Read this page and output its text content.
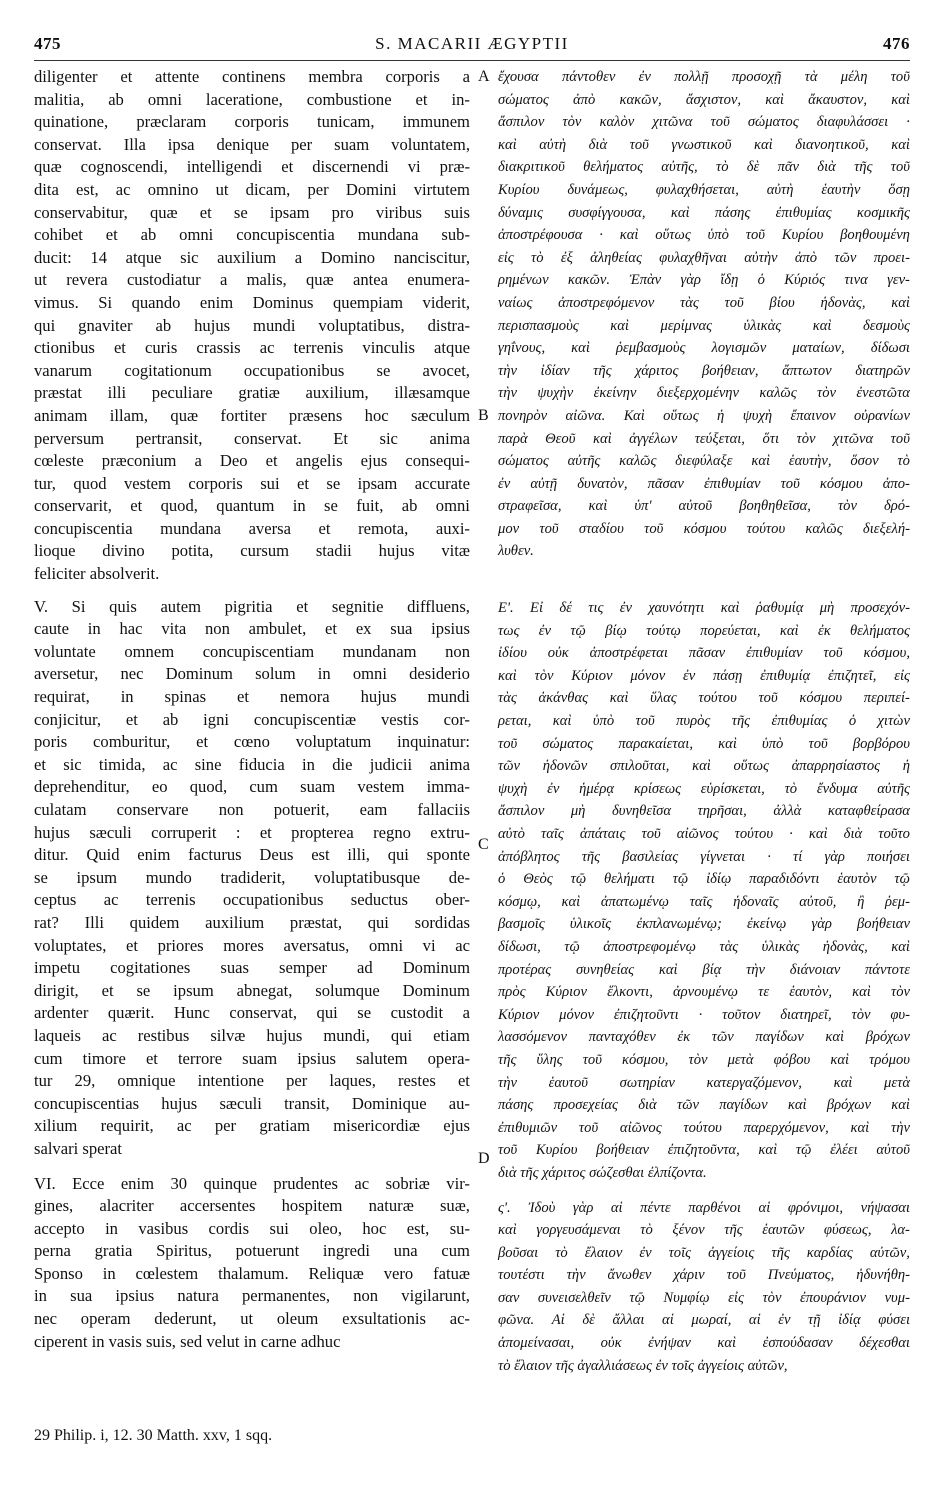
475	S. MACARII ÆGYPTII	476
diligenter et attente continens membra corporis a
malitia, ab omni laceratione, combustione et in-
quinatione, præclaram corporis tunicam, immunem
conservat. Illa ipsa denique per suam voluntatem,
quæ cognoscendi, intelligendi et discernendi vi præ-
dita est, ac omnino ut dicam, per Domini virtutem
conservabitur, quæ et se ipsam pro viribus suis
cohibet et ab omni concupiscentia mundana sub-
ducit: 14 atque sic auxilium a Domino nanciscitur,
ut revera custodiatur a malis, quæ antea enumera-
vimus. Si quando enim Dominus quempiam viderit,
qui gnaviter ab hujus mundi voluptatibus, distra-
ctionibus et curis crassis ac terrenis vinculis atque
vanarum cogitationum occupationibus se avocet,
præstat illi peculiare gratiæ auxilium, illæsamque
animam illam, quæ fortiter præsens hoc sæculum
perversum pertransit, conservat. Et sic anima
cœleste præconium a Deo et angelis ejus consequi-
tur, quod vestem corporis sui et se ipsam accurate
conservarit, et quod, quantum in se fuit, ab omni
concupiscentia mundana aversa et remota, auxi-
lioque divino potita, cursum stadii hujus vitæ
feliciter absolverit.
V. Si quis autem pigritia et segnitie diffluens,
caute in hac vita non ambulet, et ex sua ipsius
voluntate omnem concupiscentiam mundanam non
aversetur, nec Dominum solum in omni desiderio
requirat, in spinas et nemora hujus mundi
conjicitur, et ab igni concupiscentiæ vestis cor-
poris comburitur, et cœno voluptatum inquinatur:
et sic timida, ac sine fiducia in die judicii anima
deprehenditur, eo quod, cum suam vestem imma-
culatam conservare non potuerit, eam fallaciis
hujus sæculi corruperit : et propterea regno extru-
ditur. Quid enim facturus Deus est illi, qui sponte
se ipsum mundo tradiderit, voluptatibusque de-
ceptus ac terrenis occupationibus seductus ober-
rat? Illi quidem auxilium præstat, qui sordidas
voluptates, et priores mores aversatus, omni vi ac
impetu cogitationes suas semper ad Dominum
dirigit, et se ipsum abnegat, solumque Dominum
ardenter quærit. Hunc conservat, qui se custodit a
laqueis ac restibus silvæ hujus mundi, qui etiam
cum timore et terrore suam ipsius salutem opera-
tur 29, omnique intentione per laques, restes et
concupiscentias hujus sæculi transit, Dominique au-
xilium requirit, ac per gratiam misericordiæ ejus
salvari sperat
VI. Ecce enim 30 quinque prudentes ac sobriæ vir-
gines, alacriter accersentes hospitem naturæ suæ,
accepto in vasibus cordis sui oleo, hoc est, su-
perna gratia Spiritus, potuerunt ingredi una cum
Sponso in cœlestem thalamum. Reliquæ vero fatuæ
in sua ipsius natura permanentes, non vigilarunt,
nec operam dederunt, ut oleum exsultationis ac-
ciperent in vasis suis, sed velut in carne adhuc
ἔχουσα πάντοθεν ἐν πολλῇ προσοχῇ τὰ μέλη τοῦ
σώματος ἀπὸ κακῶν, ἄσχιστον, καὶ ἄκαυστον, καὶ
ἄσπιλον τὸν καλὸν χιτῶνα τοῦ σώματος διαφυλάσσει ·
καὶ αὐτὴ διὰ τοῦ γνωστικοῦ καὶ διανοητικοῦ, καὶ
διακριτικοῦ θελήματος αὐτῆς, τὸ δὲ πᾶν διὰ τῆς τοῦ
Κυρίου δυνάμεως, φυλαχθήσεται, αὐτὴ ἑαυτὴν ὅσῃ
δύναμις συσφίγγουσα, καὶ πάσης ἐπιθυμίας κοσμικῆς
ἀποστρέφουσα · καὶ οὕτως ὑπὸ τοῦ Κυρίου βοηθουμένη
εἰς τὸ ἐξ ἀληθείας φυλαχθῆναι αὐτὴν ἀπὸ τῶν προει-
ρημένων κακῶν. Ἐπὰν γὰρ ἴδῃ ὁ Κύριός τινα γεν-
ναίως ἀποστρεφόμενον τὰς τοῦ βίου ἡδονὰς, καὶ
περισπασμοὺς καὶ μερίμνας ὑλικὰς καὶ δεσμοὺς
γηΐνους, καὶ ῥεμβασμοὺς λογισμῶν ματαίων, δίδωσι
τὴν ἰδίαν τῆς χάριτος βοήθειαν, ἄπτωτον διατηρῶν
τὴν ψυχὴν ἐκείνην διεξερχομένην καλῶς τὸν ἐνεστῶτα
πονηρὸν αἰῶνα. Καὶ οὕτως ἡ ψυχὴ ἔπαινον οὐρανίων
παρὰ Θεοῦ καὶ ἀγγέλων τεύξεται, ὅτι τὸν χιτῶνα τοῦ
σώματος αὐτῆς καλῶς διεφύλαξε καὶ ἑαυτὴν, ὅσον τὸ
ἐν αὐτῇ δυνατὸν, πᾶσαν ἐπιθυμίαν τοῦ κόσμου ἀπο-
στραφεῖσα, καὶ ὑπ' αὐτοῦ βοηθηθεῖσα, τὸν δρό-
μον τοῦ σταδίου τοῦ κόσμου τούτου καλῶς διεξελή-
λυθεν.
Ε'. Εἰ δέ τις ἐν χαυνότητι καὶ ῥαθυμίᾳ μὴ προσεχόν-
τως ἐν τῷ βίῳ τούτῳ πορεύεται, καὶ ἐκ θελήματος
ἰδίου οὐκ ἀποστρέφεται πᾶσαν ἐπιθυμίαν τοῦ κόσμου,
καὶ τὸν Κύριον μόνον ἐν πάσῃ ἐπιθυμίᾳ ἐπιζητεῖ, εἰς
τὰς ἀκάνθας καὶ ὕλας τούτου τοῦ κόσμου περιπεί-
ρεται, καὶ ὑπὸ τοῦ πυρὸς τῆς ἐπιθυμίας ὁ χιτὼν
τοῦ σώματος παρακαίεται, καὶ ὑπὸ τοῦ βορβόρου
τῶν ἡδονῶν σπιλοῦται, καὶ οὕτως ἀπαρρησίαστος ἡ
ψυχὴ ἐν ἡμέρᾳ κρίσεως εὑρίσκεται, τὸ ἔνδυμα αὐτῆς
ἄσπιλον μὴ δυνηθεῖσα τηρῆσαι, ἀλλὰ καταφθείρασα
αὐτὸ ταῖς ἀπάταις τοῦ αἰῶνος τούτου · καὶ διὰ τοῦτο
ἀπόβλητος τῆς βασιλείας γίγνεται · τί γὰρ ποιήσει
ὁ Θεὸς τῷ θελήματι τῷ ἰδίῳ παραδιδόντι ἑαυτὸν τῷ
κόσμῳ, καὶ ἀπατωμένῳ ταῖς ἡδοναῖς αὐτοῦ, ἢ ῥεμ-
βασμοῖς ὑλικοῖς ἐκπλανωμένῳ; ἐκείνῳ γὰρ βοήθειαν
δίδωσι, τῷ ἀποστρεφομένῳ τὰς ὑλικὰς ἡδονὰς, καὶ
προτέρας συνηθείας καὶ βίᾳ τὴν διάνοιαν πάντοτε
πρὸς Κύριον ἕλκοντι, ἀρνουμένῳ τε ἑαυτὸν, καὶ τὸν
Κύριον μόνον ἐπιζητοῦντι · τοῦτον διατηρεῖ, τὸν φυ-
λασσόμενον πανταχόθεν ἐκ τῶν παγίδων καὶ βρόχων
τῆς ὕλης τοῦ κόσμου, τὸν μετὰ φόβου καὶ τρόμου
τὴν ἑαυτοῦ σωτηρίαν κατεργαζόμενον, καὶ μετὰ
πάσης προσεχείας διὰ τῶν παγίδων καὶ βρόχων καὶ
ἐπιθυμιῶν τοῦ αἰῶνος τούτου παρερχόμενον, καὶ τὴν
τοῦ Κυρίου βοήθειαν ἐπιζητοῦντα, καὶ τῷ ἐλέει αὐτοῦ
διὰ τῆς χάριτος σώζεσθαι ἐλπίζοντα.
ς'. Ἰδοὺ γὰρ αἱ πέντε παρθένοι αἱ φρόνιμοι, νήψασαι
καὶ γοργευσάμεναι τὸ ξένον τῆς ἑαυτῶν φύσεως, λα-
βοῦσαι τὸ ἔλαιον ἐν τοῖς ἀγγείοις τῆς καρδίας αὐτῶν,
τουτέστι τὴν ἄνωθεν χάριν τοῦ Πνεύματος, ἠδυνήθη-
σαν συνεισελθεῖν τῷ Νυμφίῳ εἰς τὸν ἐπουράνιον νυμ-
φῶνα. Αἱ δὲ ἄλλαι αἱ μωραί, αἱ ἐν τῇ ἰδίᾳ φύσει
ἀπομείνασαι, οὐκ ἐνήψαν καὶ ἐσπούδασαν δέχεσθαι
τὸ ἔλαιον τῆς ἀγαλλιάσεως ἐν τοῖς ἀγγείοις αὐτῶν,
A
B
C
D
29 Philip. i, 12. 30 Matth. xxv, 1 sqq.
